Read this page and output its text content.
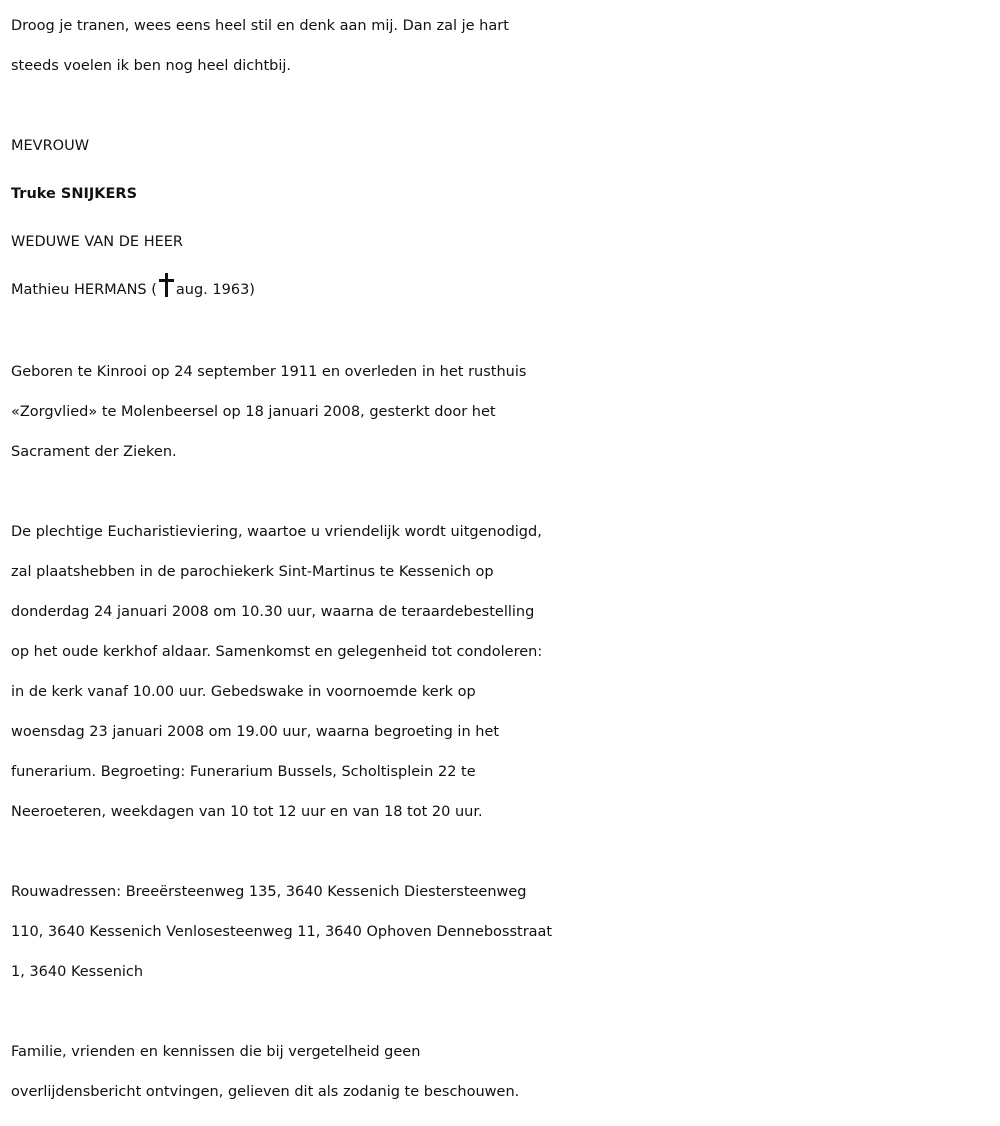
Droog je tranen, wees eens heel stil en denk aan mij. Dan zal je hart
steeds voelen ik ben nog heel dichtbij.

MEVROUW

Truke SNIJKERS

WEDUWE VAN DE HEER

Mathieu HERMANS ( aug. 1963)

Geboren te Kinrooi op 24 september 1911 en overleden in het rusthuis
«Zorgvlied» te Molenbeersel op 18 januari 2008, gesterkt door het
Sacrament der Zieken.

De plechtige Eucharistieviering, waartoe u vriendelijk wordt uitgenodigd,
zal plaatshebben in de parochiekerk Sint-Martinus te Kessenich op
donderdag 24 januari 2008 om 10.30 uur, waarna de teraardebestelling
op het oude kerkhof aldaar. Samenkomst en gelegenheid tot condoleren:
in de kerk vanaf 10.00 uur. Gebedswake in voornoemde kerk op
woensdag 23 januari 2008 om 19.00 uur, waarna begroeting in het
funerarium. Begroeting: Funerarium Bussels, Scholtisplein 22 te
Neeroeteren, weekdagen van 10 tot 12 uur en van 18 tot 20 uur.

Rouwadressen: Breeërsteenweg 135, 3640 Kessenich Diestersteenweg
110, 3640 Kessenich Venlosesteenweg 11, 3640 Ophoven Dennebosstraat
1, 3640 Kessenich

Familie, vrienden en kennissen die bij vergetelheid geen
overlijdensbericht ontvingen, gelieven dit als zodanig te beschouwen.
